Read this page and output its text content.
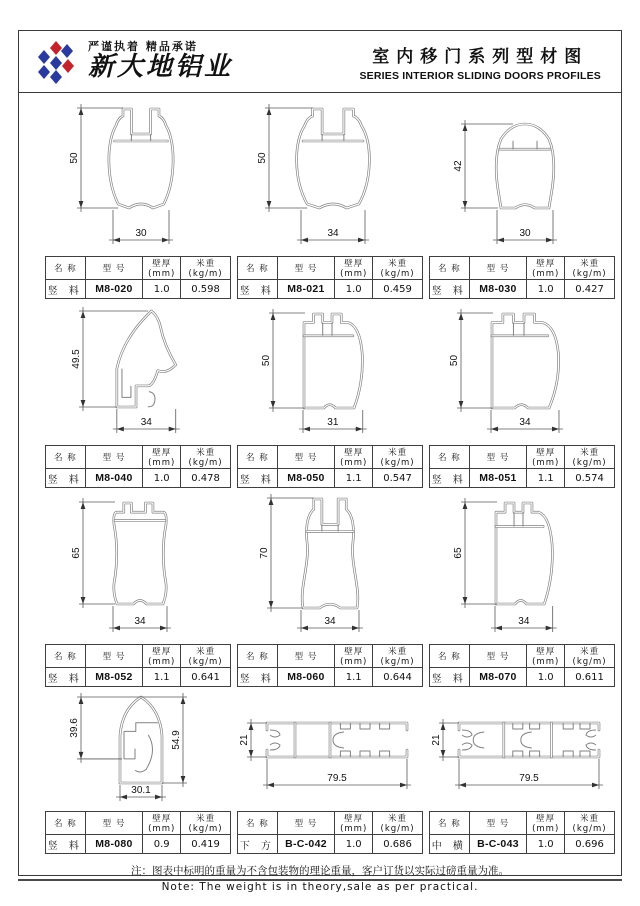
严谨执着 精品承诺
新大地铝业	室内移门系列型材图
SERIES INTERIOR SLIDING DOORS PROFILES
50
30
名 称	型 号	壁厚(mm)	米重(kg/m)
竖 料	M8-020	1.0	0.598
50
34
名 称	型 号	壁厚(mm)	米重(kg/m)
竖 料	M8-021	1.0	0.459
42
30
名 称	型 号	壁厚(mm)	米重(kg/m)
竖 料	M8-030	1.0	0.427
49.5
34
名 称	型 号	壁厚(mm)	米重(kg/m)
竖 料	M8-040	1.0	0.478
50
31
名 称	型 号	壁厚(mm)	米重(kg/m)
竖 料	M8-050	1.1	0.547
50
34
名 称	型 号	壁厚(mm)	米重(kg/m)
竖 料	M8-051	1.1	0.574
65
34
名 称	型 号	壁厚(mm)	米重(kg/m)
竖 料	M8-052	1.1	0.641
70
34
名 称	型 号	壁厚(mm)	米重(kg/m)
竖 料	M8-060	1.1	0.644
65
34
名 称	型 号	壁厚(mm)	米重(kg/m)
竖 料	M8-070	1.0	0.611
39.6
54.9
30.1
名 称	型 号	壁厚(mm)	米重(kg/m)
竖 料	M8-080	0.9	0.419
21
79.5
名 称	型 号	壁厚(mm)	米重(kg/m)
下 方	B-C-042	1.0	0.686
21
79.5
名 称	型 号	壁厚(mm)	米重(kg/m)
中 横	B-C-043	1.0	0.696
注：图表中标明的重量为不含包装物的理论重量，客户订货以实际过磅重量为准。
Note: The weight is in theory,sale as per practical.
